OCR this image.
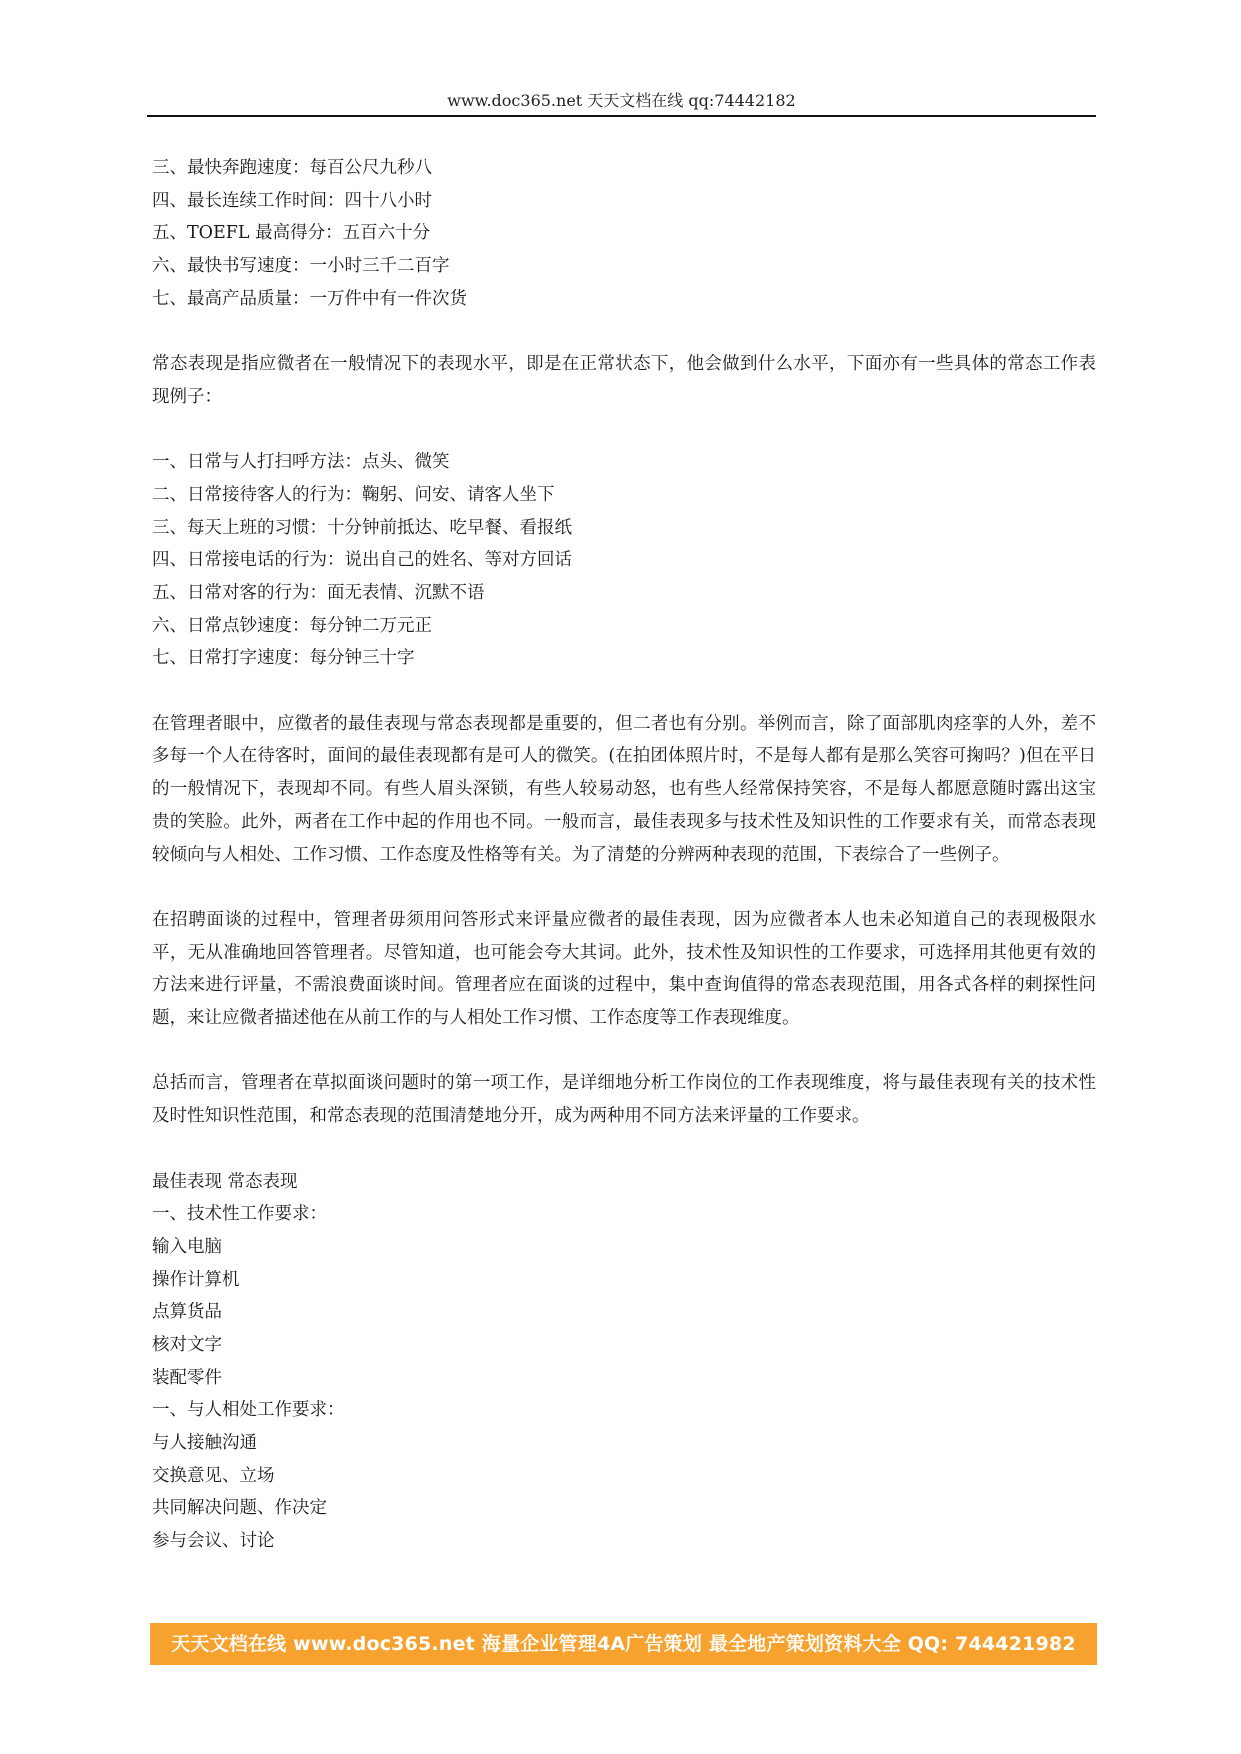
www.doc365.net 天天文档在线 qq:74442182
三、最快奔跑速度：每百公尺九秒八
四、最长连续工作时间：四十八小时
五、TOEFL 最高得分：五百六十分
六、最快书写速度：一小时三千二百字
七、最高产品质量：一万件中有一件次货
常态表现是指应微者在一般情况下的表现水平，即是在正常状态下，他会做到什么水平，下面亦有一些具体的常态工作表现例子：
一、日常与人打扫呼方法：点头、微笑
二、日常接待客人的行为：鞠躬、问安、请客人坐下
三、每天上班的习惯：十分钟前抵达、吃早餐、看报纸
四、日常接电话的行为：说出自己的姓名、等对方回话
五、日常对客的行为：面无表情、沉默不语
六、日常点钞速度：每分钟二万元正
七、日常打字速度：每分钟三十字
在管理者眼中，应徵者的最佳表现与常态表现都是重要的，但二者也有分别。举例而言，除了面部肌肉痉挛的人外，差不多每一个人在待客时，面间的最佳表现都有是可人的微笑。(在拍团体照片时，不是每人都有是那么笑容可掬吗？)但在平日的一般情况下，表现却不同。有些人眉头深锁，有些人较易动怒，也有些人经常保持笑容，不是每人都愿意随时露出这宝贵的笑脸。此外，两者在工作中起的作用也不同。一般而言，最佳表现多与技术性及知识性的工作要求有关，而常态表现较倾向与人相处、工作习惯、工作态度及性格等有关。为了清楚的分辨两种表现的范围，下表综合了一些例子。
在招聘面谈的过程中，管理者毋须用问答形式来评量应微者的最佳表现，因为应微者本人也未必知道自己的表现极限水平，无从准确地回答管理者。尽管知道，也可能会夸大其词。此外，技术性及知识性的工作要求，可选择用其他更有效的方法来进行评量，不需浪费面谈时间。管理者应在面谈的过程中，集中查询值得的常态表现范围，用各式各样的剌探性问题，来让应微者描述他在从前工作的与人相处工作习惯、工作态度等工作表现维度。
总括而言，管理者在草拟面谈问题时的第一项工作，是详细地分析工作岗位的工作表现维度，将与最佳表现有关的技术性及时性知识性范围，和常态表现的范围清楚地分开，成为两种用不同方法来评量的工作要求。
最佳表现 常态表现
一、技术性工作要求：
输入电脑
操作计算机
点算货品
核对文字
装配零件
一、与人相处工作要求：
与人接触沟通
交换意见、立场
共同解决问题、作决定
参与会议、讨论
天天文档在线 www.doc365.net 海量企业管理4A广告策划 最全地产策划资料大全 QQ: 744421982
